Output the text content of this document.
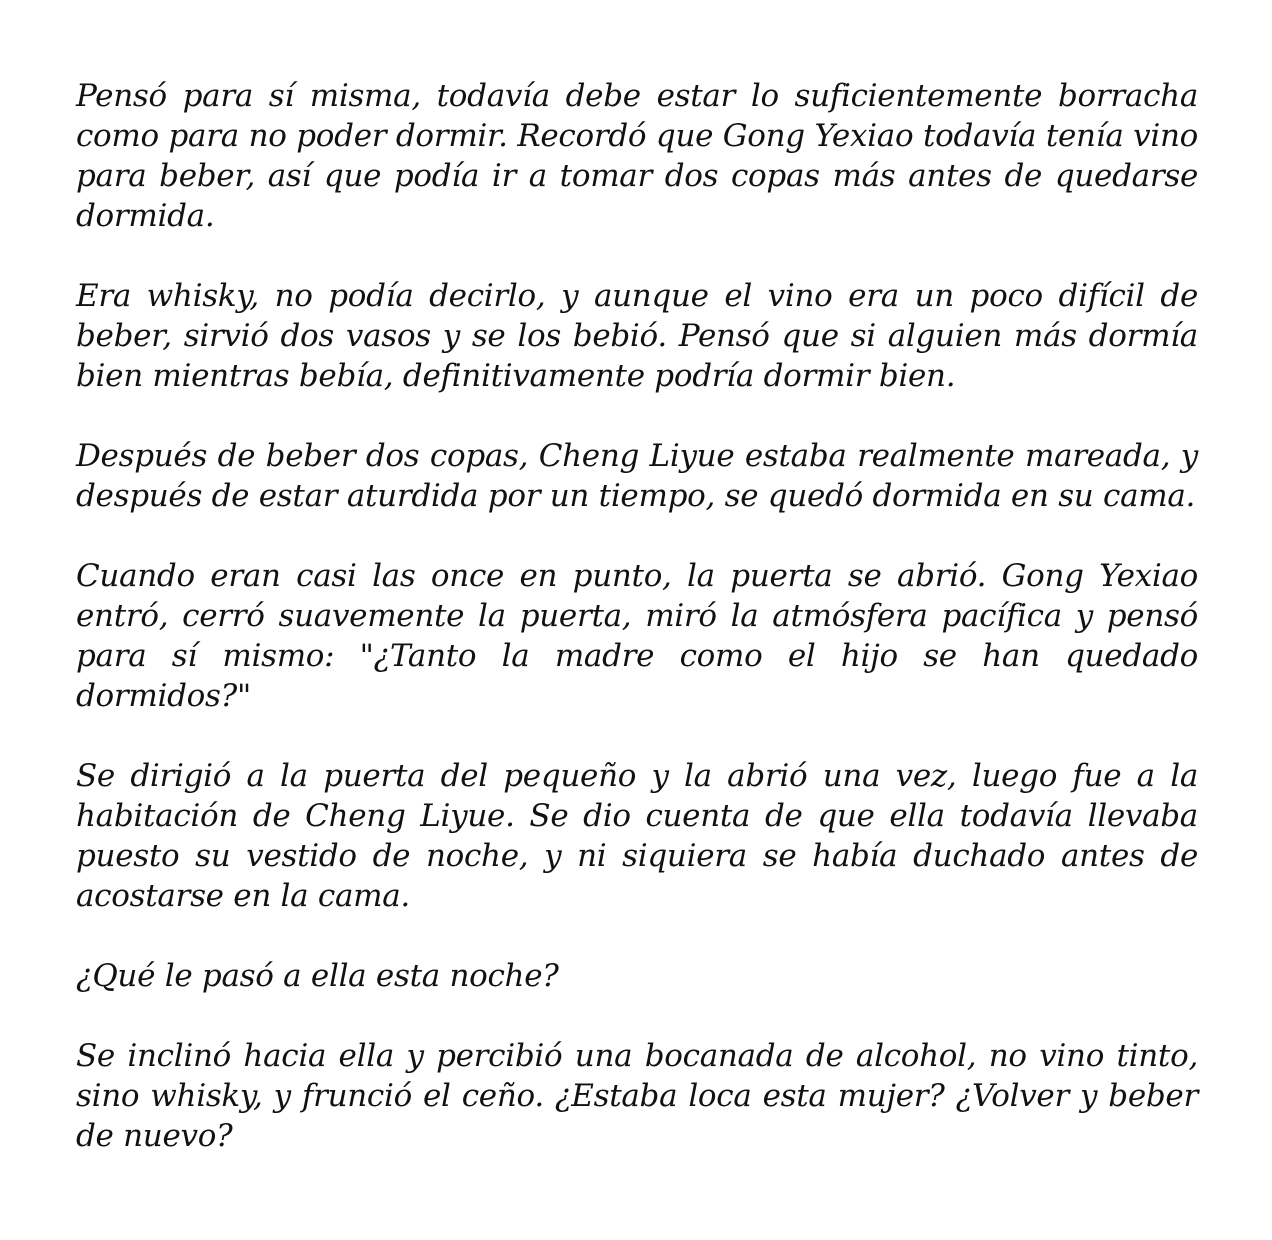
Pensó para sí misma, todavía debe estar lo suficientemente borracha como para no poder dormir. Recordó que Gong Yexiao todavía tenía vino para beber, así que podía ir a tomar dos copas más antes de quedarse dormida.

Era whisky, no podía decirlo, y aunque el vino era un poco difícil de beber, sirvió dos vasos y se los bebió. Pensó que si alguien más dormía bien mientras bebía, definitivamente podría dormir bien.

Después de beber dos copas, Cheng Liyue estaba realmente mareada, y después de estar aturdida por un tiempo, se quedó dormida en su cama.

Cuando eran casi las once en punto, la puerta se abrió. Gong Yexiao entró, cerró suavemente la puerta, miró la atmósfera pacífica y pensó para sí mismo: "¿Tanto la madre como el hijo se han quedado dormidos?"

Se dirigió a la puerta del pequeño y la abrió una vez, luego fue a la habitación de Cheng Liyue. Se dio cuenta de que ella todavía llevaba puesto su vestido de noche, y ni siquiera se había duchado antes de acostarse en la cama.

¿Qué le pasó a ella esta noche?

Se inclinó hacia ella y percibió una bocanada de alcohol, no vino tinto, sino whisky, y frunció el ceño. ¿Estaba loca esta mujer? ¿Volver y beber de nuevo?
